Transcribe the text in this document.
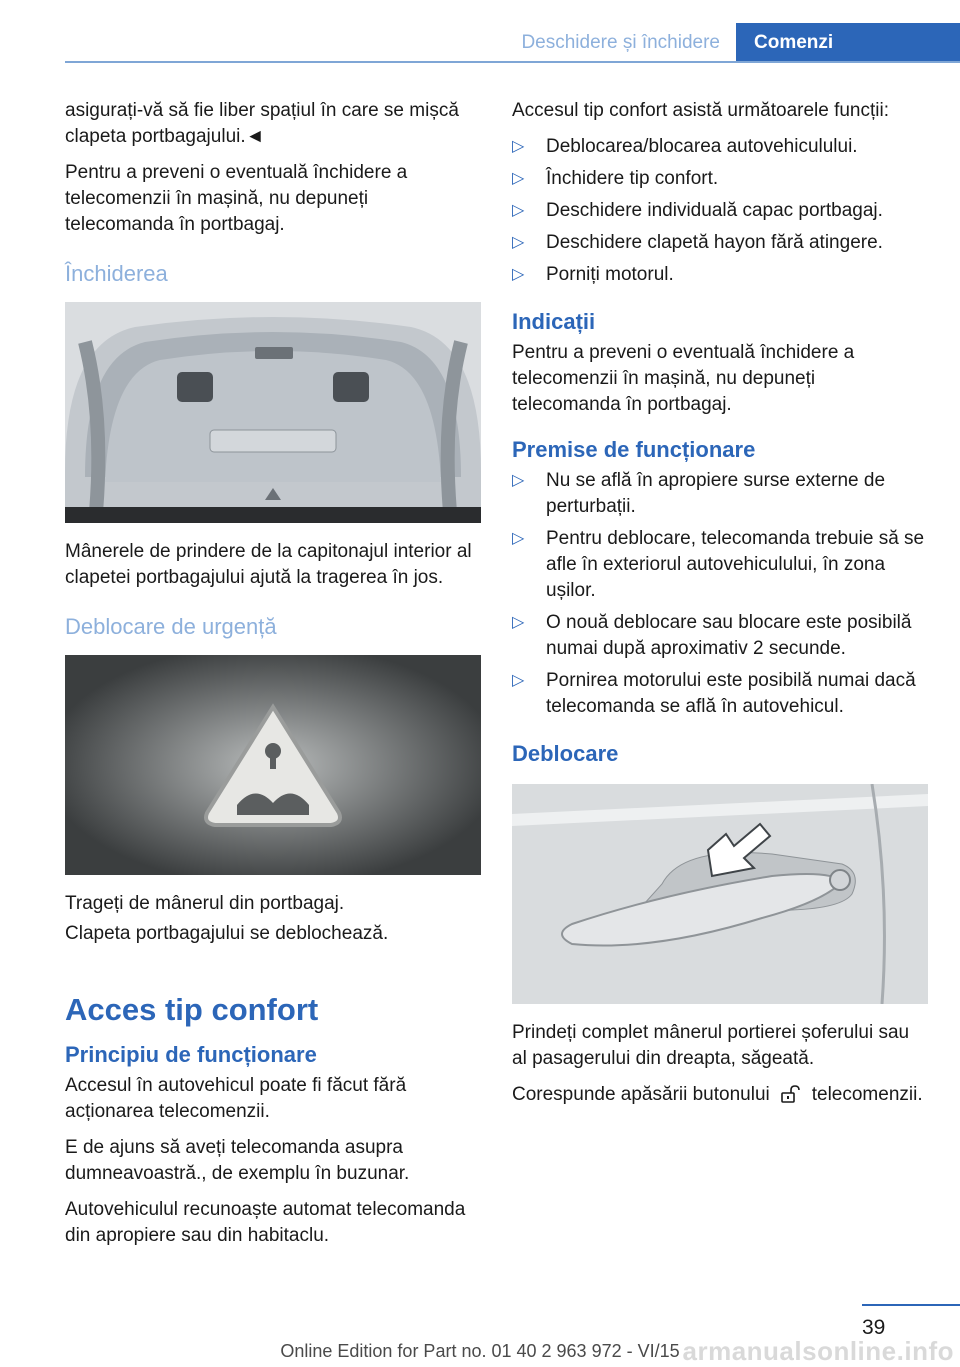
Deschidere și închidere Comenzi

asigurați-vă să fie liber spațiul în care se mișcă clapeta portbagajului.◄

Pentru a preveni o eventuală închidere a telecomenzii în mașină, nu depuneți telecomanda în portbagaj.

Închiderea

Mânerele de prindere de la capitonajul interior al clapetei portbagajului ajută la tragerea în jos.

Deblocare de urgență

Trageți de mânerul din portbagaj.

Clapeta portbagajului se deblochează.

Acces tip confort
Principiu de funcționare

Accesul în autovehicul poate fi făcut fără acționarea telecomenzii.

E de ajuns să aveți telecomanda asupra dumneavoastră., de exemplu în buzunar.

Autovehiculul recunoaște automat telecomanda din apropiere sau din habitaclu.

Accesul tip confort asistă următoarele funcții:

▷ Deblocarea/blocarea autovehiculului.
▷ Închidere tip confort.
▷ Deschidere individuală capac portbagaj.
▷ Deschidere clapetă hayon fără atingere.
▷ Porniți motorul.
Indicații

Pentru a preveni o eventuală închidere a telecomenzii în mașină, nu depuneți telecomanda în portbagaj.

Premise de funcționare
▷ Nu se află în apropiere surse externe de perturbații.
▷ Pentru deblocare, telecomanda trebuie să se afle în exteriorul autovehiculului, în zona ușilor.
▷ O nouă deblocare sau blocare este posibilă numai după aproximativ 2 secunde.
▷ Pornirea motorului este posibilă numai dacă telecomanda se află în autovehicul.
Deblocare

Prindeți complet mânerul portierei șoferului sau al pasagerului din dreapta, săgeată.

Corespunde apăsării butonului telecomenzii.

39
Online Edition for Part no. 01 40 2 963 972 - VI/15 armanualsonline.info
